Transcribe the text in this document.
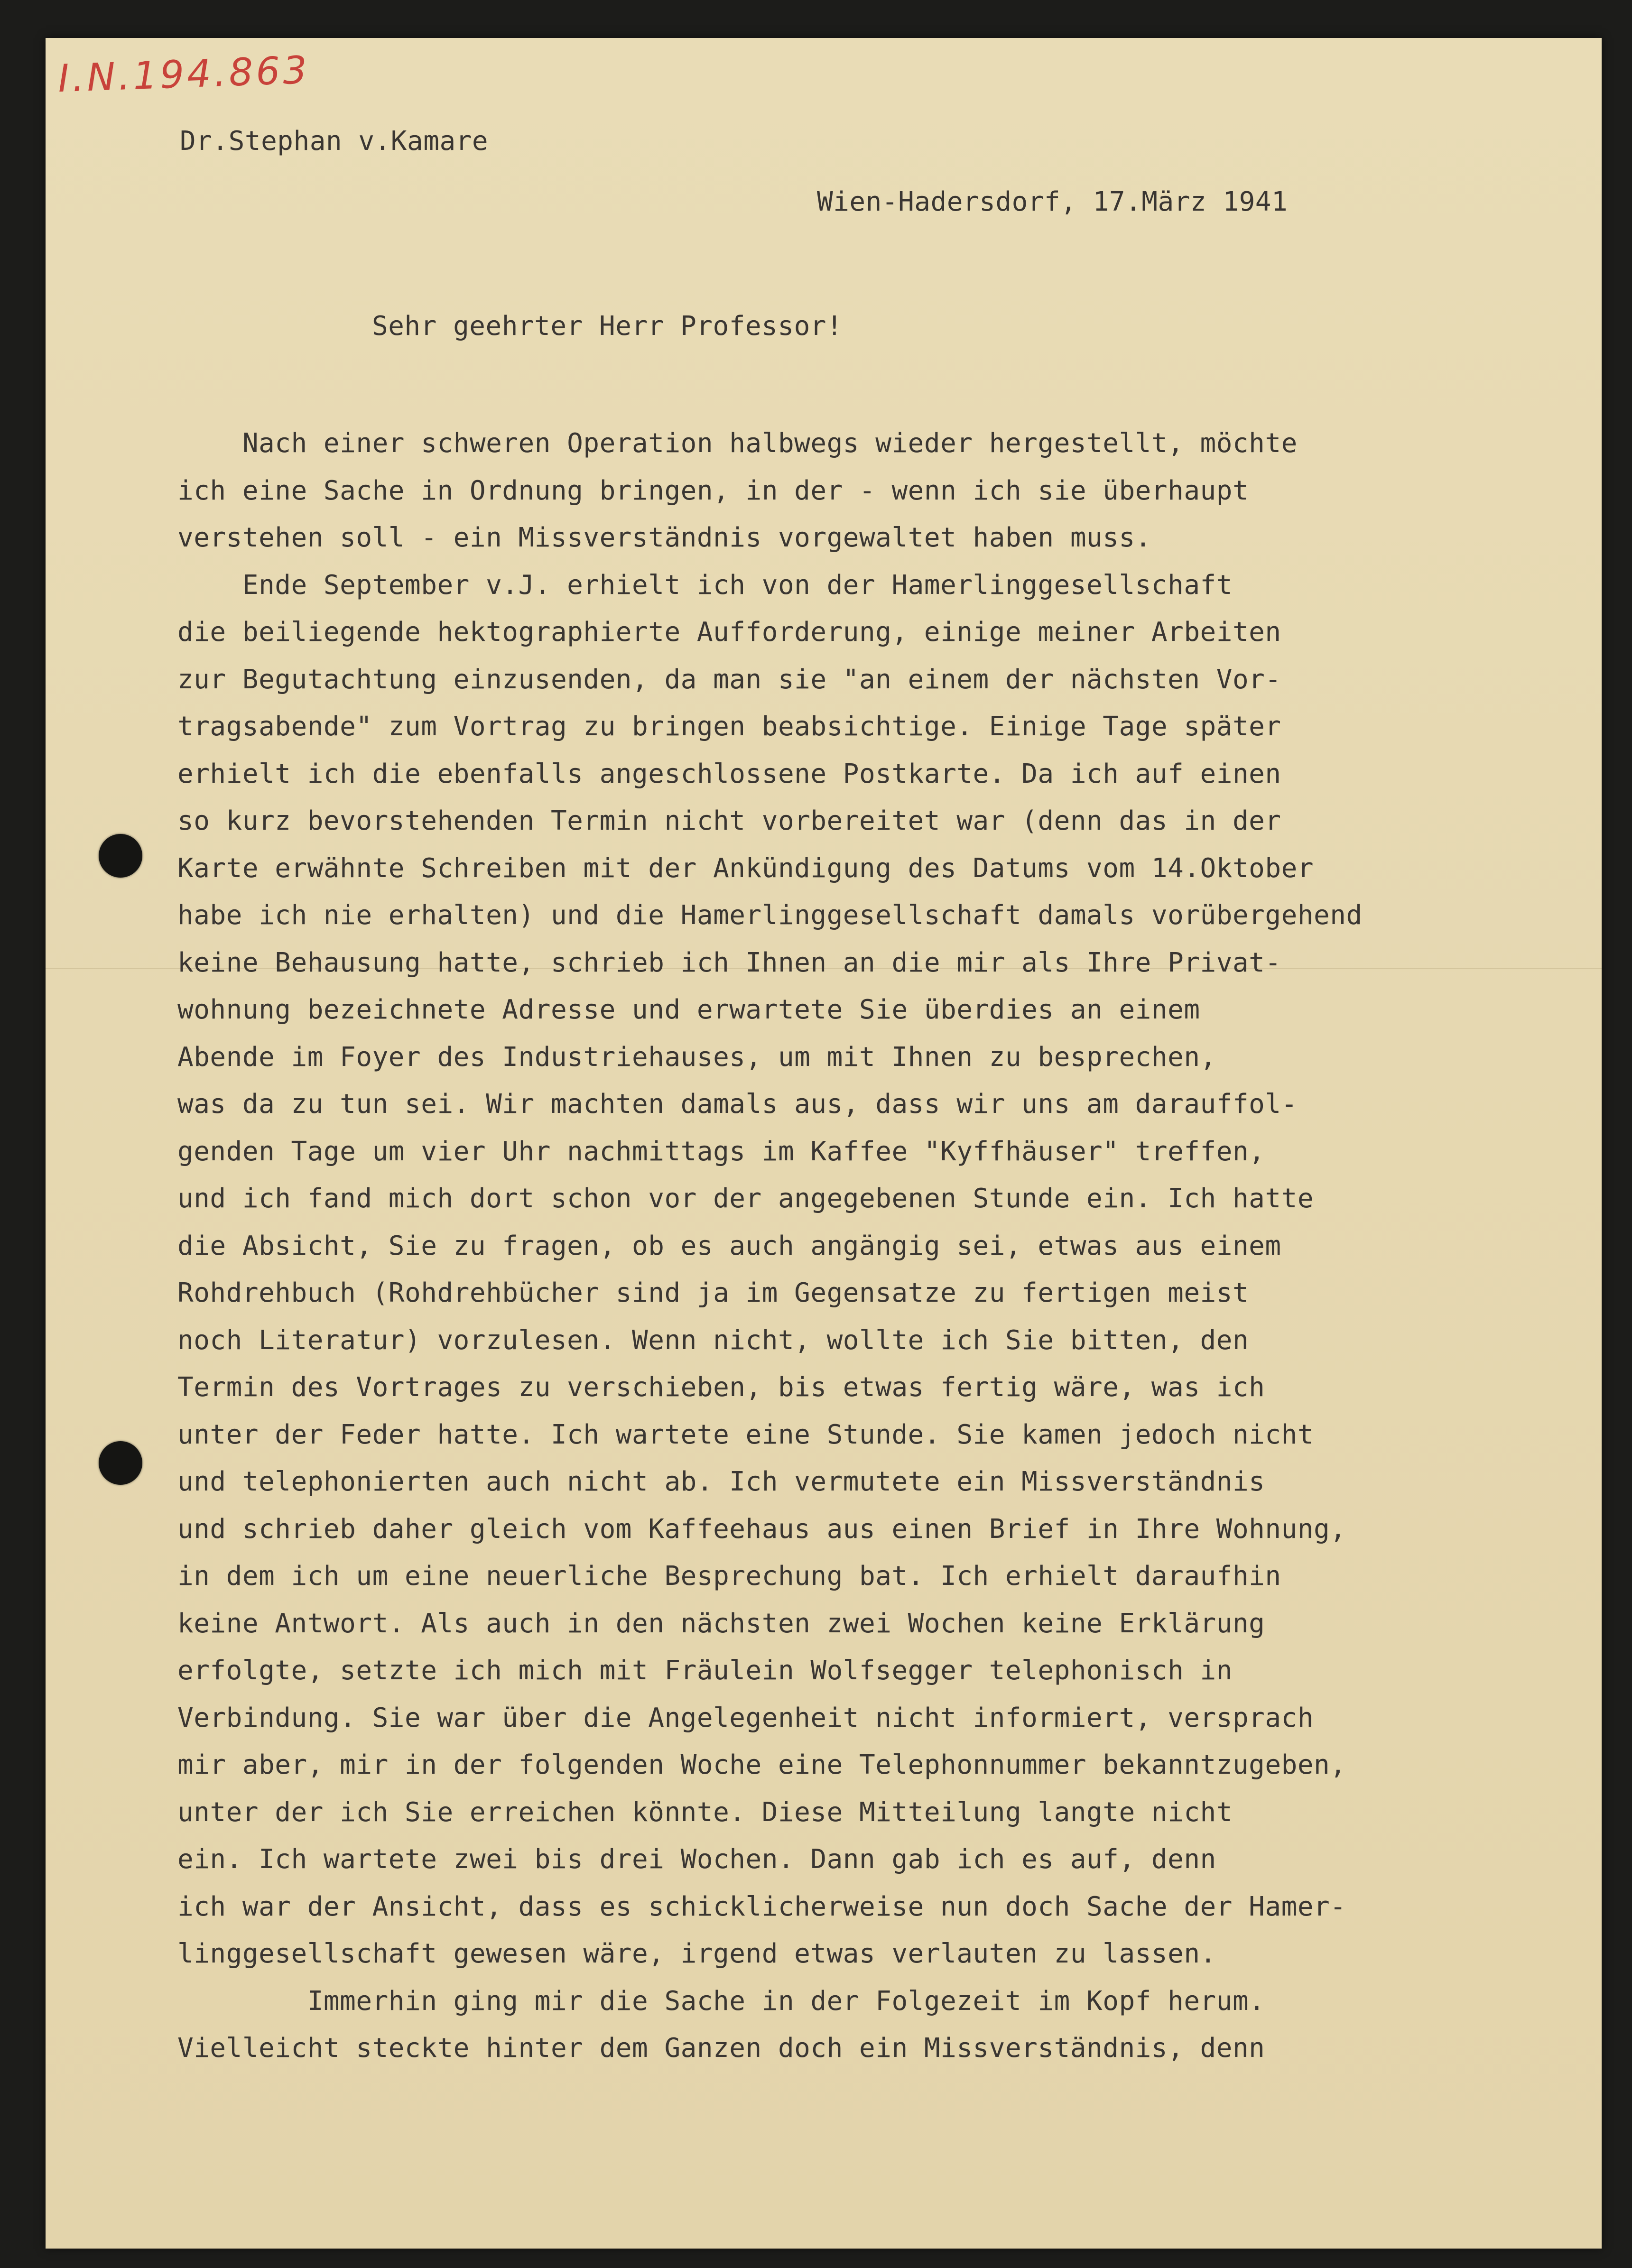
I.N.194.863
Dr.Stephan v.Kamare
Wien-Hadersdorf, 17.März 1941
Sehr geehrter Herr Professor!
Nach einer schweren Operation halbwegs wieder hergestellt, möchte
ich eine Sache in Ordnung bringen, in der - wenn ich sie überhaupt
verstehen soll - ein Missverständnis vorgewaltet haben muss.
Ende September v.J. erhielt ich von der Hamerlinggesellschaft
die beiliegende hektographierte Aufforderung, einige meiner Arbeiten
zur Begutachtung einzusenden, da man sie "an einem der nächsten Vor-
tragsabende" zum Vortrag zu bringen beabsichtige. Einige Tage später
erhielt ich die ebenfalls angeschlossene Postkarte. Da ich auf einen
so kurz bevorstehenden Termin nicht vorbereitet war (denn das in der
Karte erwähnte Schreiben mit der Ankündigung des Datums vom 14.Oktober
habe ich nie erhalten) und die Hamerlinggesellschaft damals vorübergehend
keine Behausung hatte, schrieb ich Ihnen an die mir als Ihre Privat-
wohnung bezeichnete Adresse und erwartete Sie überdies an einem
Abende im Foyer des Industriehauses, um mit Ihnen zu besprechen,
was da zu tun sei. Wir machten damals aus, dass wir uns am darauffol-
genden Tage um vier Uhr nachmittags im Kaffee "Kyffhäuser" treffen,
und ich fand mich dort schon vor der angegebenen Stunde ein. Ich hatte
die Absicht, Sie zu fragen, ob es auch angängig sei, etwas aus einem
Rohdrehbuch (Rohdrehbücher sind ja im Gegensatze zu fertigen meist
noch Literatur) vorzulesen. Wenn nicht, wollte ich Sie bitten, den
Termin des Vortrages zu verschieben, bis etwas fertig wäre, was ich
unter der Feder hatte. Ich wartete eine Stunde. Sie kamen jedoch nicht
und telephonierten auch nicht ab. Ich vermutete ein Missverständnis
und schrieb daher gleich vom Kaffeehaus aus einen Brief in Ihre Wohnung,
in dem ich um eine neuerliche Besprechung bat. Ich erhielt daraufhin
keine Antwort. Als auch in den nächsten zwei Wochen keine Erklärung
erfolgte, setzte ich mich mit Fräulein Wolfsegger telephonisch in
Verbindung. Sie war über die Angelegenheit nicht informiert, versprach
mir aber, mir in der folgenden Woche eine Telephonnummer bekanntzugeben,
unter der ich Sie erreichen könnte. Diese Mitteilung langte nicht
ein. Ich wartete zwei bis drei Wochen. Dann gab ich es auf, denn
ich war der Ansicht, dass es schicklicherweise nun doch Sache der Hamer-
linggesellschaft gewesen wäre, irgend etwas verlauten zu lassen.
Immerhin ging mir die Sache in der Folgezeit im Kopf herum.
Vielleicht steckte hinter dem Ganzen doch ein Missverständnis, denn
